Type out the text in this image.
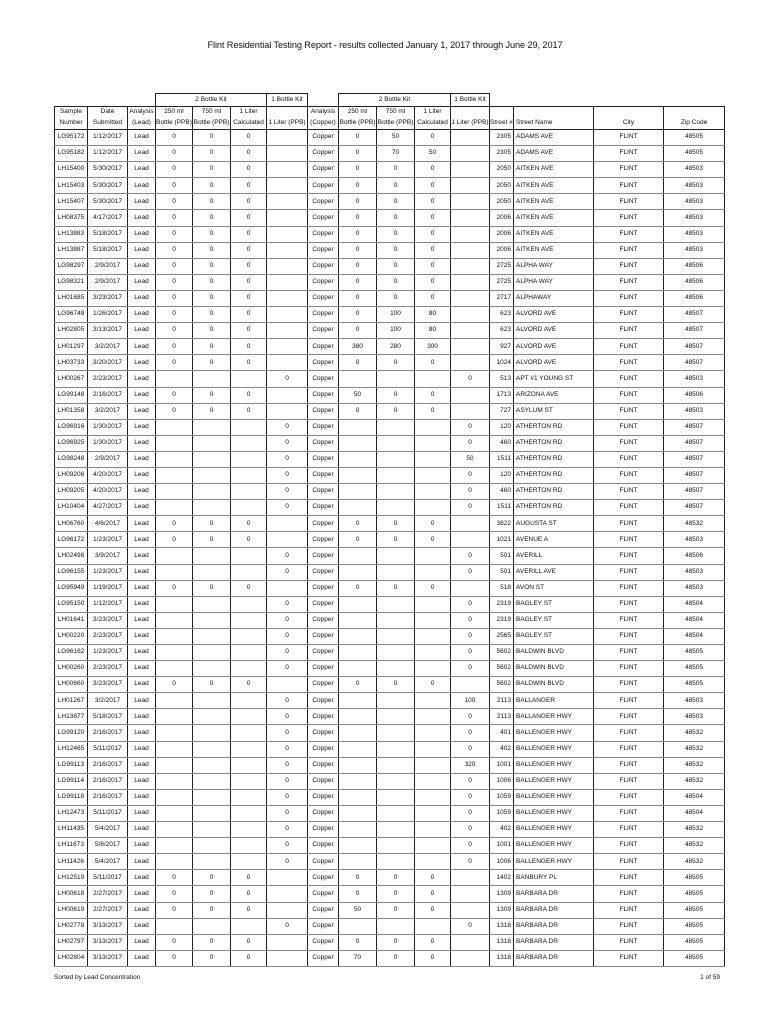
Flint Residential Testing Report - results collected January 1, 2017 through June 29, 2017
			2 Bottle Kit			1 Bottle Kit		2 Bottle Kit			1 Bottle Kit				
Sample	Date	Analysis	250 ml	750 ml	1 Liter		Analysis	250 ml	750 ml	1 Liter					
Number	Submitted	(Lead)	Bottle (PPB)	Bottle (PPB)	Calculated	1 Liter (PPB)	(Copper)	Bottle (PPB)	Bottle (PPB)	Calculated	1 Liter (PPB)	Street #	Street Name	City	Zip Code
LG95172	1/12/2017	Lead	0	0	0		Copper	0	50	0		2305	ADAMS AVE	FLINT	48505
LG95182	1/12/2017	Lead	0	0	0		Copper	0	70	50		2305	ADAMS AVE	FLINT	48505
LH15400	5/30/2017	Lead	0	0	0		Copper	0	0	0		2050	AITKEN AVE	FLINT	48503
LH15403	5/30/2017	Lead	0	0	0		Copper	0	0	0		2050	AITKEN AVE	FLINT	48503
LH15407	5/30/2017	Lead	0	0	0		Copper	0	0	0		2050	AITKEN AVE	FLINT	48503
LH08375	4/17/2017	Lead	0	0	0		Copper	0	0	0		2006	AITKEN AVE	FLINT	48503
LH13883	5/18/2017	Lead	0	0	0		Copper	0	0	0		2006	AITKEN AVE	FLINT	48503
LH13887	5/18/2017	Lead	0	0	0		Copper	0	0	0		2006	AITKEN AVE	FLINT	48503
LG98297	2/9/2017	Lead	0	0	0		Copper	0	0	0		2725	ALPHA WAY	FLINT	48506
LG98321	2/9/2017	Lead	0	0	0		Copper	0	0	0		2725	ALPHA WAY	FLINT	48506
LH01685	3/23/2017	Lead	0	0	0		Copper	0	0	0		2717	ALPHAWAY	FLINT	48506
LG96749	1/26/2017	Lead	0	0	0		Copper	0	100	80		623	ALVORD AVE	FLINT	48507
LH02805	3/13/2017	Lead	0	0	0		Copper	0	100	80		623	ALVORD AVE	FLINT	48507
LH01297	3/2/2017	Lead	0	0	0		Copper	380	280	300		927	ALVORD AVE	FLINT	48507
LH03733	3/20/2017	Lead	0	0	0		Copper	0	0	0		1024	ALVORD AVE	FLINT	48507
LH00267	2/23/2017	Lead				0	Copper				0	513	APT #1 YOUNG ST	FLINT	48503
LG99148	2/16/2017	Lead	0	0	0		Copper	50	0	0		1713	ARIZONA AVE	FLINT	48506
LH01358	3/2/2017	Lead	0	0	0		Copper	0	0	0		727	ASYLUM ST	FLINT	48503
LG96916	1/30/2017	Lead				0	Copper				0	120	ATHERTON RD	FLINT	48507
LG96925	1/30/2017	Lead				0	Copper				0	460	ATHERTON RD	FLINT	48507
LG98248	2/9/2017	Lead				0	Copper				50	1511	ATHERTON RD	FLINT	48507
LH09208	4/20/2017	Lead				0	Copper				0	120	ATHERTON RD	FLINT	48507
LH09205	4/20/2017	Lead				0	Copper				0	460	ATHERTON RD	FLINT	48507
LH10404	4/27/2017	Lead				0	Copper				0	1511	ATHERTON RD	FLINT	48507
LH06760	4/6/2017	Lead	0	0	0		Copper	0	0	0		3822	AUGUSTA ST	FLINT	48532
LG96172	1/23/2017	Lead	0	0	0		Copper	0	0	0		1021	AVENUE A	FLINT	48503
LH02498	3/9/2017	Lead				0	Copper				0	501	AVERILL	FLINT	48506
LG96155	1/23/2017	Lead				0	Copper				0	501	AVERILL AVE	FLINT	48503
LG95949	1/19/2017	Lead	0	0	0		Copper	0	0	0		518	AVON ST	FLINT	48503
LG95150	1/12/2017	Lead				0	Copper				0	2319	BAGLEY ST	FLINT	48504
LH01641	3/23/2017	Lead				0	Copper				0	2319	BAGLEY ST	FLINT	48504
LH00220	2/23/2017	Lead				0	Copper				0	2565	BAGLEY ST	FLINT	48504
LG96162	1/23/2017	Lead				0	Copper				0	5602	BALDWIN BLVD	FLINT	48505
LH00260	2/23/2017	Lead				0	Copper				0	5602	BALDWIN BLVD	FLINT	48505
LH00660	3/23/2017	Lead	0	0	0		Copper	0	0	0		5602	BALDWIN BLVD	FLINT	48505
LH01267	3/2/2017	Lead				0	Copper				100	2113	BALLANGER	FLINT	48503
LH13877	5/18/2017	Lead				0	Copper				0	2113	BALLANGER HWY	FLINT	48503
LG99120	2/16/2017	Lead				0	Copper				0	401	BALLENGER HWY	FLINT	48532
LH12465	5/11/2017	Lead				0	Copper				0	402	BALLENGER HWY	FLINT	48532
LG99113	2/16/2017	Lead				0	Copper				320	1001	BALLENGER HWY	FLINT	48532
LG99114	2/16/2017	Lead				0	Copper				0	1006	BALLENGER HWY	FLINT	48532
LG99118	2/16/2017	Lead				0	Copper				0	1059	BALLENGER HWY	FLINT	48504
LH12473	5/11/2017	Lead				0	Copper				0	1059	BALLENGER HWY	FLINT	48504
LH11435	5/4/2017	Lead				0	Copper				0	402	BALLENGER HWY	FLINT	48532
LH11673	5/8/2017	Lead				0	Copper				0	1001	BALLENGER HWY	FLINT	48532
LH11426	5/4/2017	Lead				0	Copper				0	1006	BALLENGER HWY	FLINT	48532
LH12519	5/11/2017	Lead	0	0	0		Copper	0	0	0		1402	BANBURY PL	FLINT	48505
LH00618	2/27/2017	Lead	0	0	0		Copper	0	0	0		1309	BARBARA DR	FLINT	48505
LH00619	2/27/2017	Lead	0	0	0		Copper	50	0	0		1309	BARBARA DR	FLINT	48505
LH02778	3/13/2017	Lead				0	Copper				0	1318	BARBARA DR	FLINT	48505
LH02797	3/13/2017	Lead	0	0	0		Copper	0	0	0		1318	BARBARA DR	FLINT	48505
LH02804	3/13/2017	Lead	0	0	0		Copper	70	0	0		1318	BARBARA DR	FLINT	48505
Sorted by Lead Concentration	1 of 59
